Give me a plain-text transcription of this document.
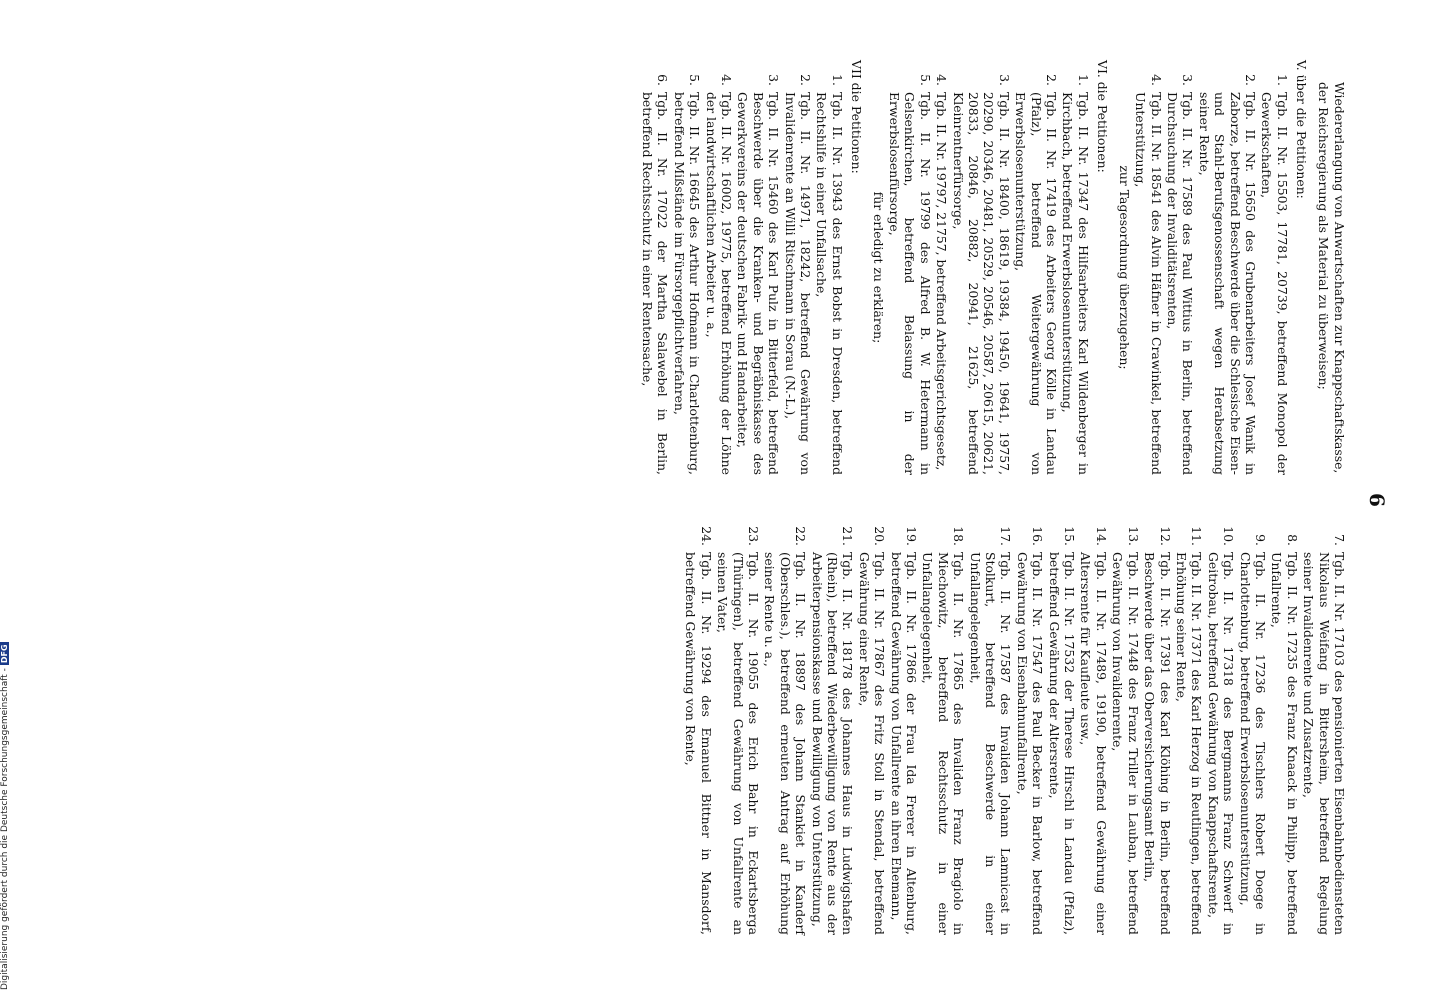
6

Wiedererlangung von Anwartschaften zur Knappschaftskasse,

der Reichsregierung als Material zu überweisen;

V. über die Petitionen:

1.
Tgb. II. Nr. 15503, 17781, 20739, betreffend Monopol der Gewerkschaften,
2.
Tgb. II. Nr. 15650 des Grubenarbeiters Josef Wanik in Zaborze, betreffend Beschwerde über die Schlesische Eisen- und Stahl-Berufsgenossenschaft wegen Herabsetzung seiner Rente,
3.
Tgb. II. Nr. 17589 des Paul Wittius in Berlin, betreffend Durchsuchung der Invaliditätsrenten,
4.
Tgb. II. Nr. 18541 des Alvin Häfner in Crawinkel, betreffend Unterstützung,

zur Tagesordnung überzugehen;

VI. die Petitionen:

1.
Tgb. II. Nr. 17347 des Hilfsarbeiters Karl Wildenberger in Kirchbach, betreffend Erwerbslosenunterstützung,
2.
Tgb. II. Nr. 17419 des Arbeiters Georg Kölle in Landau (Pfalz), betreffend Weitergewährung von Erwerbslosenunterstützung,
3.
Tgb. II. Nr. 18400, 18619, 19384, 19450, 19641, 19757, 20290, 20346, 20481, 20529, 20546, 20587, 20615, 20621, 20833, 20846, 20882, 20941, 21625, betreffend Kleinrentnerfürsorge,
4.
Tgb. II. Nr. 19797, 21757, betreffend Arbeitsgerichtsgesetz,
5.
Tgb. II. Nr. 19799 des Alfred B. W. Hetermann in Gelsenkirchen, betreffend Belassung in der Erwerbslosenfürsorge,

für erledigt zu erklären;

VII die Petitionen:

1.
Tgb. II. Nr. 13943 des Ernst Bobst in Dresden, betreffend Rechtshilfe in einer Unfallsache,
2.
Tgb. II. Nr. 14971, 18242, betreffend Gewährung von Invalidenrente an Willi Ritschmann in Sorau (N.-L.),
3.
Tgb. II. Nr. 15460 des Karl Pulz in Bitterfeld, betreffend Beschwerde über die Kranken- und Begräbniskasse des Gewerkvereins der deutschen Fabrik- und Handarbeiter,
4.
Tgb. II. Nr. 16002, 19775, betreffend Erhöhung der Löhne der landwirtschaftlichen Arbeiter u. a.,
5.
Tgb. II. Nr. 16645 des Arthur Hofmann in Charlottenburg, betreffend Mißstände im Fürsorgepflichtverfahren,
6.
Tgb. II. Nr. 17022 der Martha Salawebel in Berlin, betreffend Rechtsschutz in einer Rentensache,
7.
Tgb. II. Nr. 17103 des pensionierten Eisenbahnbediensteten Nikolaus Weifang in Bittersheim, betreffend Regelung seiner Invalidenrente und Zusatzrente,
8.
Tgb. II. Nr. 17235 des Franz Knaack in Philipp, betreffend Unfallrente,
9.
Tgb. II. Nr. 17236 des Tischlers Robert Doege in Charlottenburg, betreffend Erwerbslosenunterstützung,
10.
Tgb. II. Nr. 17318 des Bergmanns Franz Schwerf in Geitrobau, betreffend Gewährung von Knappschaftsrente,
11.
Tgb. II. Nr. 17371 des Karl Herzog in Reutlingen, betreffend Erhöhung seiner Rente,
12.
Tgb. II. Nr. 17391 des Karl Klöhing in Berlin, betreffend Beschwerde über das Oberversicherungsamt Berlin,
13.
Tgb. II. Nr. 17448 des Franz Triller in Lauban, betreffend Gewährung von Invalidenrente,
14.
Tgb. II. Nr. 17489, 19190, betreffend Gewährung einer Altersrente für Kaufleute usw.,
15.
Tgb. II. Nr. 17532 der Therese Hirschl in Landau (Pfalz), betreffend Gewährung der Altersrente,
16.
Tgb. II. Nr. 17547 des Paul Becker in Barlow, betreffend Gewährung von Eisenbahnunfallrente,
17.
Tgb. II. Nr. 17587 des Invaliden Johann Lamnicast in Stolkurt, betreffend Beschwerde in einer Unfallangelegenheit,
18.
Tgb. II. Nr. 17865 des Invaliden Franz Bragiolo in Miechowitz, betreffend Rechtsschutz in einer Unfallangelegenheit,
19.
Tgb. II. Nr. 17866 der Frau Ida Frerer in Altenburg, betreffend Gewährung von Unfallrente an ihren Ehemann,
20.
Tgb. II. Nr. 17867 des Fritz Stoll in Stendal, betreffend Gewährung einer Rente,
21.
Tgb. II. Nr. 18178 des Johannes Haus in Ludwigshafen (Rhein), betreffend Wiederbewilligung von Rente aus der Arbeiterpensionskasse und Bewilligung von Unterstützung,
22.
Tgb. II. Nr. 18897 des Johann Stankiet in Kanderf (Oberschles.), betreffend erneuten Antrag auf Erhöhung seiner Rente u. a.,
23.
Tgb. II. Nr. 19055 des Erich Bahr in Eckartsberga (Thüringen), betreffend Gewährung von Unfallrente an seinen Vater,
24.
Tgb. II. Nr. 19294 des Emanuel Bittner in Mansdorf, betreffend Gewährung von Rente,
Digitalisierung gefördert durch die Deutsche Forschungsgemeinschaft -DFG
